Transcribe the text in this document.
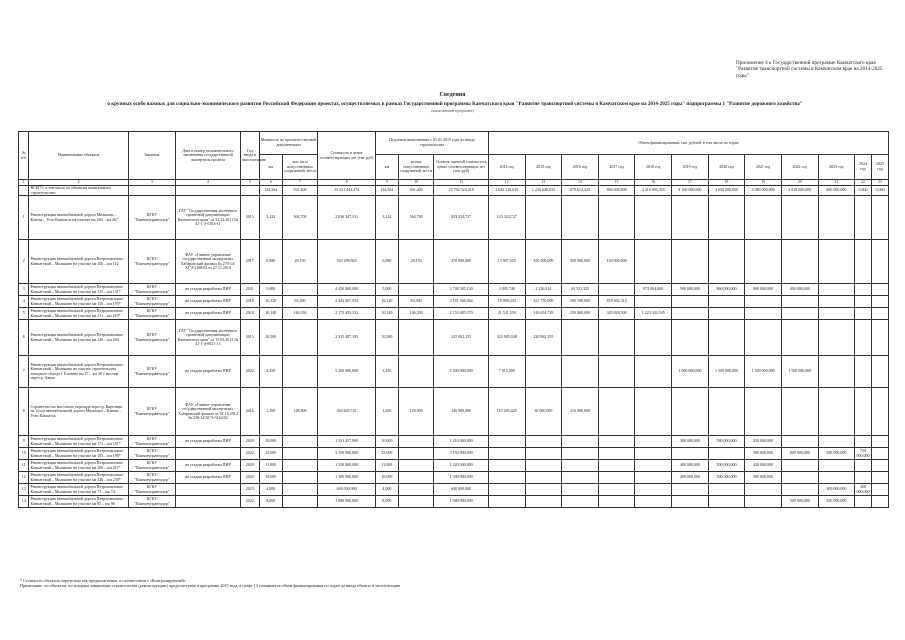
Приложение 4 к Государственной программе Камчатского края "Развитие транспортной системы в Камчатском крае на 2014-2025 годы"
Сведения
о крупных особо важных для социально-экономического развития Российской Федерации проектах, осуществляемых в рамках Государственной программы Камчатского края "Развитие транспортной системы в Камчатском крае на 2014-2025 годы" подпрограммы 1 "Развитие дорожного хозяйства"
(наименование программы)
№ п/п	Наименование объектов	Заказчик	Дата и номер положительного заключения государственной экспертизы проекта	Год ввода в эксплуатацию	Мощность по проектно-сметной документации		Стоимость в ценах соответствующих лет (тыс.руб)	Подлежит выполнению с 01.01.2015 года до ввода строительства			Объем финансирования, тыс. рублей, в том числе по годам											
					км	тыс. кв.м искусственных сооружений, м/п.м		км	из них искусственных сооружений, м/п.м	Остаток сметной стоимости в ценах соответствующих лет (тыс.руб)	2014 год	2015 год	2016 год	2017 год	2018 год	2019 год	2020 год	2021 год	2022 год	2023 год	2024 год	2025 год
1	2	3	4	5	6	7	8	9	10	11	12	13	14	15	16	17	18	19	20	21	22	23
	ВСЕГО, в том числе по объектам капитального строительства:				134,564	931,400	25 321 444,274	134,564	931,400	23 794 524,418	1 642 130,016	1 236 640,033	879 612,325	860 000,000	4 316 005,455	4 100 000,000	4 050 000,000	3 080 000,000	3 810 000,000	800 000,000	0,000	0,000
1	Реконструкция автомобильной дороги Мильково – Ключи – Усть-Камчатск на участке км 263 – км 267	КГКУ "Камчатуправтодор"	ГАУ "Государственная экспертиза проектной документации Камчатского края" от 22.12.2011 № 41-1-3-0163-11	2015	3,124	564,700	2 036 347,311	3,124	564,700	923 324,727	123 324,727											
2	Реконструкция автомобильной дороги Петропавловск-Камчатский – Мильково на участке км 100 – км 112	КГКУ "Камчатуправтодор"	ФАУ «Главное управление государственной экспертизы» Хабаровский филиал № 270-14/ХГЭ-3168/02 от 27.11.2014	2017	6,080	28,150	543 299,943	6,080	28,150	470 000,000	13 007,525	350 000,000	350 000,000	120 000,000								
3	Реконструкция автомобильной дороги Петропавловск-Камчатский – Мильково на участке км 125 – км 131*	КГКУ "Камчатуправтодор"	на стадии разработки ПИР	2021	5,000		4 420 000,000	5,000		3 748 585,130	3 095,740	2 226,914	24 523,325		972 804,600	500 000,000	860 000,000	900 000,000	400 000,000			
4	Реконструкция автомобильной дороги Петропавловск-Камчатский – Мильково на участке км 150 – км 159*	КГКУ "Камчатуправтодор"	на стадии разработки ПИР	2018	16,120	63,300	2 443 267,534	16,120	63,300	2 181 366,364	18 990,243	321 750,000	390 190,000	818 602,314								
5	Реконструкция автомобильной дороги Петропавловск-Камчатский – Мильково на участке км 211 – км 219*	КГКУ "Камчатуправтодор"	на стадии разработки ПИР	2018	10,140	146,350	2 173 493,332	10,140	146,350	2 153 485,370	21 531,559	316 654,729	250 000,000	345 828,500	1 223 342,545							
6	Реконструкция автомобильной дороги Петропавловск-Камчатский – Мильково на участке км 249 – км 263	КГКУ "Камчатуправтодор"	ГАУ "Государственная экспертиза проектной документации Камчатского края" от 15.02.2013 № 41-1-4-0021-13	2015	10,580		2 315 487,195	10,580		225 062,155	323 005,048	220 062,155										
7	Реконструкция автомобильной дороги Петропавловск-Камчатский – Мильково на участке строительства западного обхода г. Елизово км 27 – км 30 с мостом через р. Авача	КГКУ "Камчатуправтодор"	на стадии разработки ПИР	2022	3,450		5 200 000,000	3,450		5 200 000,000	7 015,000					1 000 000,000	1 500 000,000	1 500 000,000	1 500 000,000			
8	Строительство мостового перехода через р. Кирганик на 16 км автомобильной дороги Мильково – Ключи – Усть-Камчатск	КГКУ "Камчатуправтодор"	ФАУ «Главное управление государственной экспертизы» Хабаровский филиал от 01.10.2014 № 238-14/ХГЭ-3162/02	2016	1,200	128,900	264 645,741	1,200	128,900	146 900,000	110 265,420	30 000,000	116 900,000									
9	Реконструкция автомобильной дороги Петропавловск-Камчатский – Мильково на участке км 171 – км 181*	КГКУ "Камчатуправтодор"	на стадии разработки ПИР	2020	10,000		1 321 457,900	10,000		1 210 000,000						380 000,000	580 000,000	250 000,000				
10	Реконструкция автомобильной дороги Петропавловск-Камчатский – Мильково на участке км 185 – км 198*	КГКУ "Камчатуправтодор"		2022	25,000		3 150 000,000	25,000		3 150 000,000								500 000,000	800 000,000	500 000,000	750 000,000	
11	Реконструкция автомобильной дороги Петропавловск-Камчатский – Мильково на участке км 200 – км 211*	КГКУ "Камчатуправтодор"	на стадии разработки ПИР	2020	11,000		1 320 000,000	11,000		1 320 000,000						400 000,000	500 000,000	420 000,000				
12	Реконструкция автомобильной дороги Петропавловск-Камчатский – Мильково на участке км 220 – км 230*	КГКУ "Камчатуправтодор"	на стадии разработки ПИР	2020	10,000		1 300 000,000	10,000		1 300 000,000						400 000,000	500 000,000	300 000,000				
13	Реконструкция автомобильной дороги Петропавловск-Камчатский – Мильково на участке км 73 – км 74	КГКУ "Камчатуправтодор"		2023	4,000		640 000,000	4,000		640 000,000										300 000,000	300 000,000	
14	Реконструкция автомобильной дороги Петропавловск-Камчатский – Мильково на участке км 85 – км 96	КГКУ "Камчатуправтодор"		2022	8,000		1 080 000,000	8,000		1 080 000,000									500 000,000	200 000,000		
* Стоимость объектов определена как предполагаемая, в соответствии с «Контролирующей»
Примечание: по объектам, по которым завершение строительства (реконструкции) предусмотрено в программе 2015 года, в графе 14 указывается объем финансирования по годам до ввода объекта в эксплуатацию
